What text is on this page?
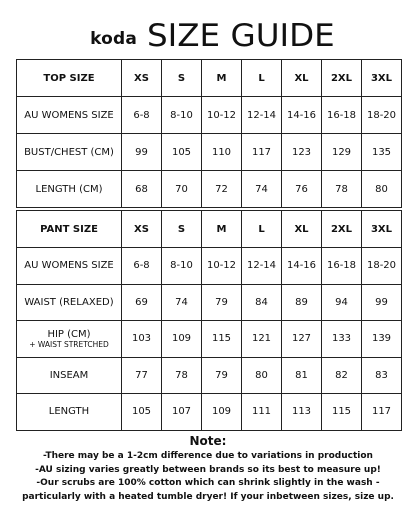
koda SIZE GUIDE
TOP SIZE	XS	S	M	L	XL	2XL	3XL
AU WOMENS SIZE	6-8	8-10	10-12	12-14	14-16	16-18	18-20
BUST/CHEST (CM)	99	105	110	117	123	129	135
LENGTH (CM)	68	70	72	74	76	78	80
PANT SIZE	XS	S	M	L	XL	2XL	3XL
AU WOMENS SIZE	6-8	8-10	10-12	12-14	14-16	16-18	18-20
WAIST (RELAXED)	69	74	79	84	89	94	99
HIP (CM)
+ WAIST STRETCHED	103	109	115	121	127	133	139
INSEAM	77	78	79	80	81	82	83
LENGTH	105	107	109	111	113	115	117
Note:
-There may be a 1-2cm difference due to variations in production
-AU sizing varies greatly between brands so its best to measure up!
-Our scrubs are 100% cotton which can shrink slightly in the wash -
particularly with a heated tumble dryer! If your inbetween sizes, size up.
